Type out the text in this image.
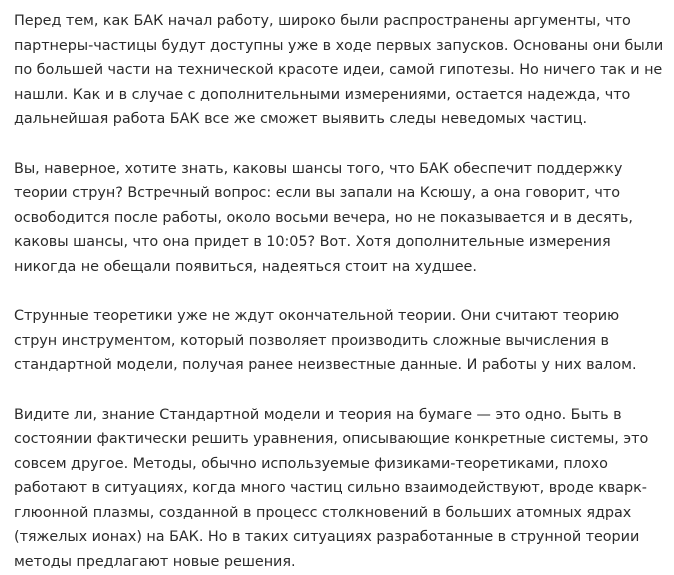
Перед тем, как БАК начал работу, широко были распространены аргументы, что партнеры-частицы будут доступны уже в ходе первых запусков. Основаны они были по большей части на технической красоте идеи, самой гипотезы. Но ничего так и не нашли. Как и в случае с дополнительными измерениями, остается надежда, что дальнейшая работа БАК все же сможет выявить следы неведомых частиц.

Вы, наверное, хотите знать, каковы шансы того, что БАК обеспечит поддержку теории струн? Встречный вопрос: если вы запали на Ксюшу, а она говорит, что освободится после работы, около восьми вечера, но не показывается и в десять, каковы шансы, что она придет в 10:05? Вот. Хотя дополнительные измерения никогда не обещали появиться, надеяться стоит на худшее.

Струнные теоретики уже не ждут окончательной теории. Они считают теорию струн инструментом, который позволяет производить сложные вычисления в стандартной модели, получая ранее неизвестные данные. И работы у них валом.

Видите ли, знание Стандартной модели и теория на бумаге — это одно. Быть в состоянии фактически решить уравнения, описывающие конкретные системы, это совсем другое. Методы, обычно используемые физиками-теоретиками, плохо работают в ситуациях, когда много частиц сильно взаимодействуют, вроде кварк-глюонной плазмы, созданной в процесс столкновений в больших атомных ядрах (тяжелых ионах) на БАК. Но в таких ситуациях разработанные в струнной теории методы предлагают новые решения.
